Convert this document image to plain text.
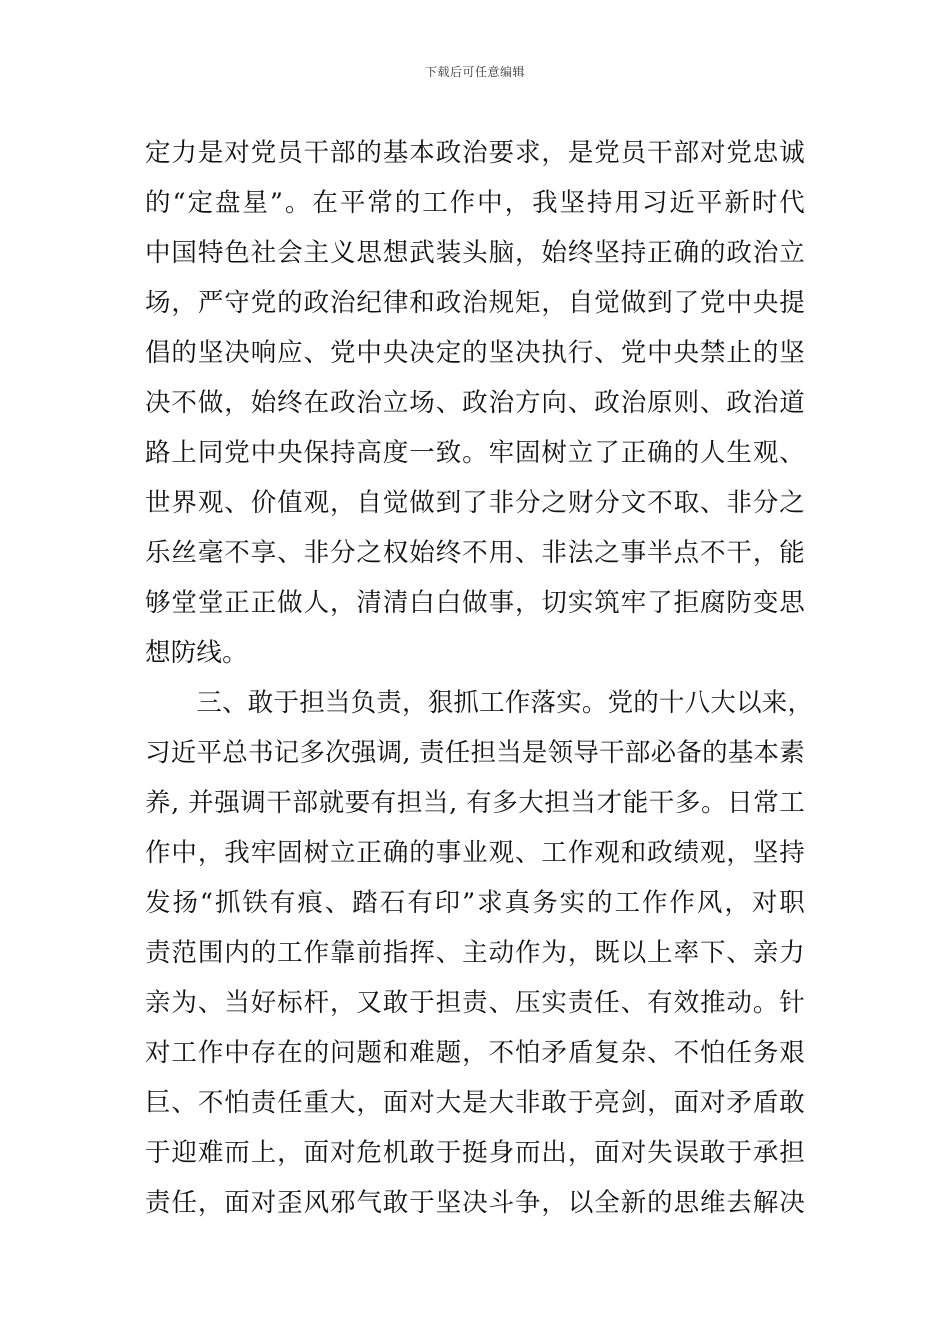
下载后可任意编辑
定力是对党员干部的基本政治要求，是党员干部对党忠诚
的“定盘星”。在平常的工作中，我坚持用习近平新时代
中国特色社会主义思想武装头脑，始终坚持正确的政治立
场，严守党的政治纪律和政治规矩，自觉做到了党中央提
倡的坚决响应、党中央决定的坚决执行、党中央禁止的坚
决不做，始终在政治立场、政治方向、政治原则、政治道
路上同党中央保持高度一致。牢固树立了正确的人生观、
世界观、价值观，自觉做到了非分之财分文不取、非分之
乐丝毫不享、非分之权始终不用、非法之事半点不干，能
够堂堂正正做人，清清白白做事，切实筑牢了拒腐防变思
想防线。
　　三、敢于担当负责，狠抓工作落实。党的十八大以来，
习近平总书记多次强调, 责任担当是领导干部必备的基本素
养, 并强调干部就要有担当, 有多大担当才能干多。日常工
作中，我牢固树立正确的事业观、工作观和政绩观，坚持
发扬“抓铁有痕、踏石有印”求真务实的工作作风，对职
责范围内的工作靠前指挥、主动作为，既以上率下、亲力
亲为、当好标杆，又敢于担责、压实责任、有效推动。针
对工作中存在的问题和难题，不怕矛盾复杂、不怕任务艰
巨、不怕责任重大，面对大是大非敢于亮剑，面对矛盾敢
于迎难而上，面对危机敢于挺身而出，面对失误敢于承担
责任，面对歪风邪气敢于坚决斗争，以全新的思维去解决
